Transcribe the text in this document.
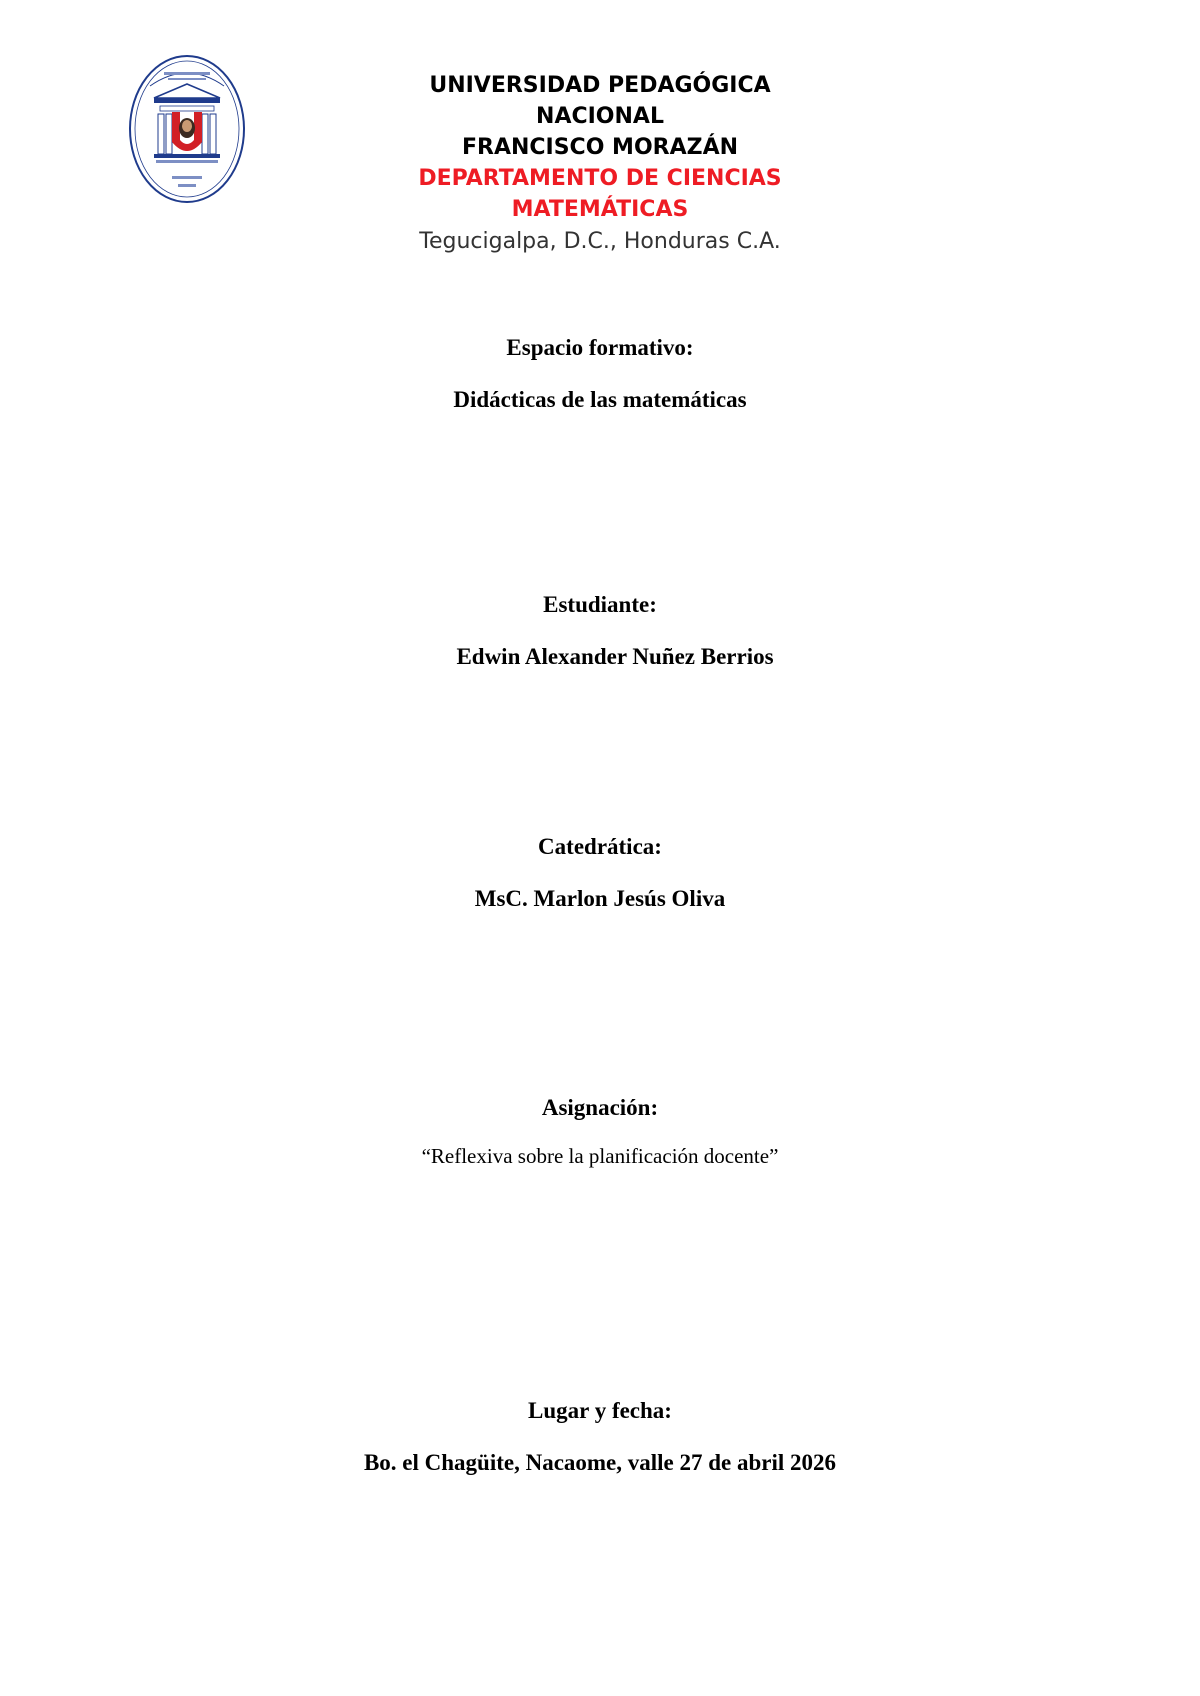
UNIVERSIDAD PEDAGÓGICA
NACIONAL
FRANCISCO MORAZÁN
DEPARTAMENTO DE CIENCIAS
MATEMÁTICAS
Tegucigalpa, D.C., Honduras C.A.
Espacio formativo:
Didácticas de las matemáticas
Estudiante:
Edwin Alexander Nuñez Berrios
Catedrática:
MsC. Marlon Jesús Oliva
Asignación:
“Reflexiva sobre la planificación docente”
Lugar y fecha:
Bo. el Chagüite, Nacaome, valle 27 de abril 2026
